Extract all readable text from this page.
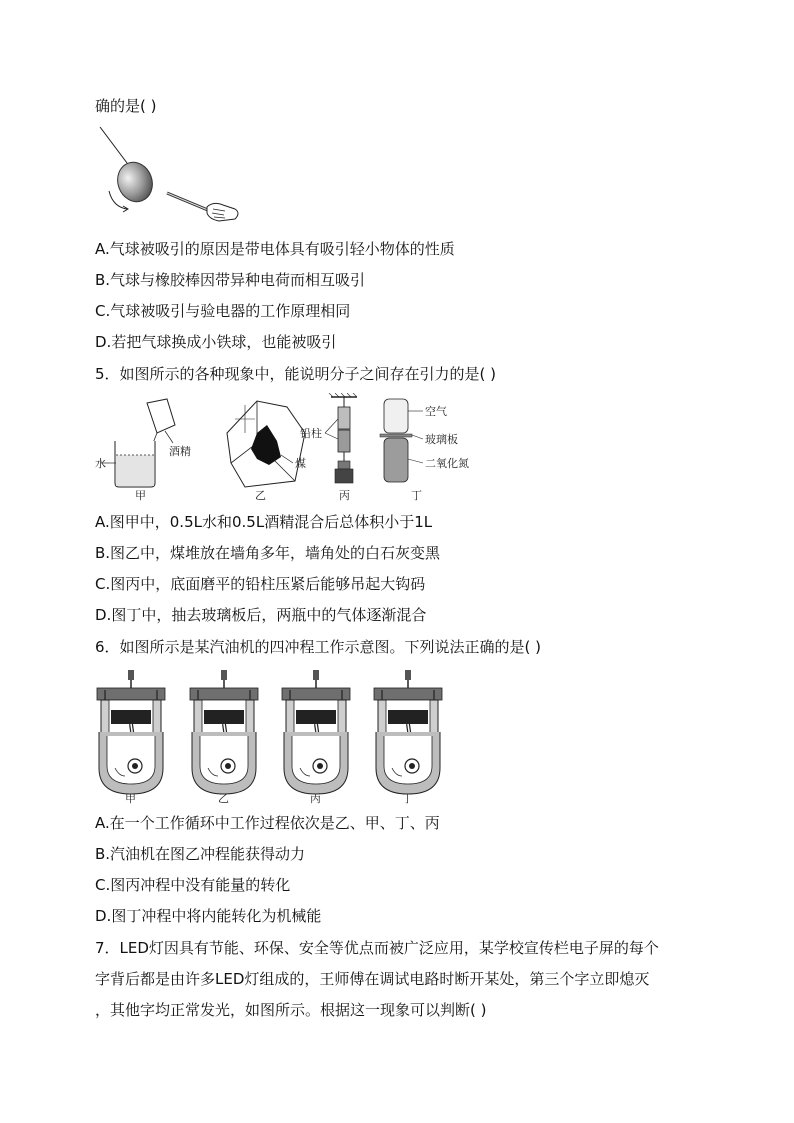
确的是( )
A.气球被吸引的原因是带电体具有吸引轻小物体的性质
B.气球与橡胶棒因带异种电荷而相互吸引
C.气球被吸引与验电器的工作原理相同
D.若把气球换成小铁球，也能被吸引
5．如图所示的各种现象中，能说明分子之间存在引力的是( )
水
酒精
甲
煤
乙
铅柱
丙
空气
玻璃板
二氧化氮
丁
A.图甲中，0.5L水和0.5L酒精混合后总体积小于1L
B.图乙中，煤堆放在墙角多年，墙角处的白石灰变黑
C.图丙中，底面磨平的铅柱压紧后能够吊起大钩码
D.图丁中，抽去玻璃板后，两瓶中的气体逐渐混合
6．如图所示是某汽油机的四冲程工作示意图。下列说法正确的是( )
甲	乙	丙	丁
A.在一个工作循环中工作过程依次是乙、甲、丁、丙
B.汽油机在图乙冲程能获得动力
C.图丙冲程中没有能量的转化
D.图丁冲程中将内能转化为机械能
7．LED灯因具有节能、环保、安全等优点而被广泛应用，某学校宣传栏电子屏的每个
字背后都是由许多LED灯组成的，王师傅在调试电路时断开某处，第三个字立即熄灭
，其他字均正常发光，如图所示。根据这一现象可以判断( )
